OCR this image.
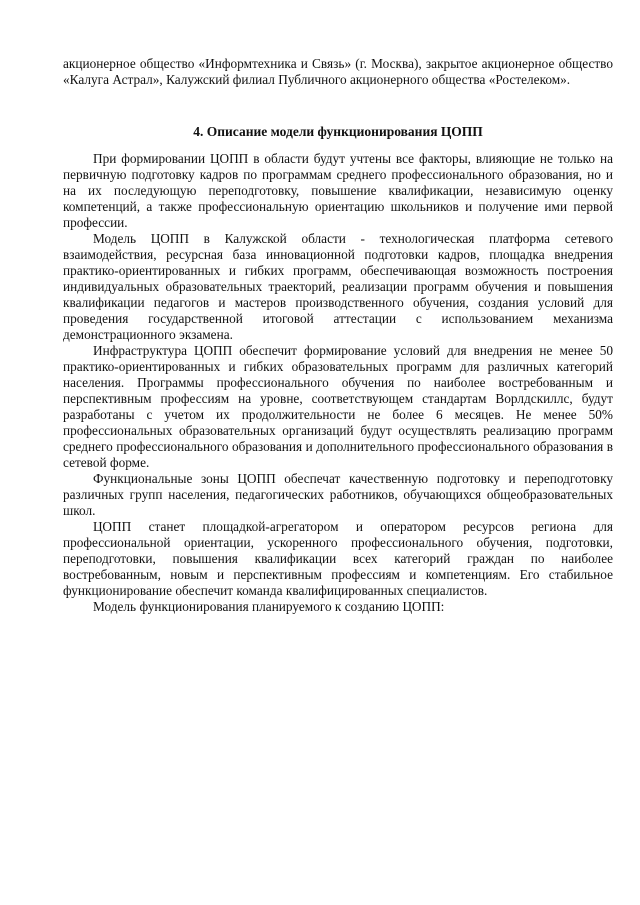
акционерное общество «Информтехника и Связь» (г. Москва), закрытое акционерное общество «Калуга Астрал», Калужский филиал Публичного акционерного общества «Ростелеком».

4. Описание модели функционирования ЦОПП

При формировании ЦОПП в области будут учтены все факторы, влияющие не только на первичную подготовку кадров по программам среднего профессионального образования, но и на их последующую переподготовку, повышение квалификации, независимую оценку компетенций, а также профессиональную ориентацию школьников и получение ими первой профессии.

Модель ЦОПП в Калужской области - технологическая платформа сетевого взаимодействия, ресурсная база инновационной подготовки кадров, площадка внедрения практико-ориентированных и гибких программ, обеспечивающая возможность построения индивидуальных образовательных траекторий, реализации программ обучения и повышения квалификации педагогов и мастеров производственного обучения, создания условий для проведения государственной итоговой аттестации с использованием механизма демонстрационного экзамена.

Инфраструктура ЦОПП обеспечит формирование условий для внедрения не менее 50 практико-ориентированных и гибких образовательных программ для различных категорий населения. Программы профессионального обучения по наиболее востребованным и перспективным профессиям на уровне, соответствующем стандартам Ворлдскиллс, будут разработаны с учетом их продолжительности не более 6 месяцев. Не менее 50% профессиональных образовательных организаций будут осуществлять реализацию программ среднего профессионального образования и дополнительного профессионального образования в сетевой форме.

Функциональные зоны ЦОПП обеспечат качественную подготовку и переподготовку различных групп населения, педагогических работников, обучающихся общеобразовательных школ.

ЦОПП станет площадкой-агрегатором и оператором ресурсов региона для профессиональной ориентации, ускоренного профессионального обучения, подготовки, переподготовки, повышения квалификации всех категорий граждан по наиболее востребованным, новым и перспективным профессиям и компетенциям. Его стабильное функционирование обеспечит команда квалифицированных специалистов.

Модель функционирования планируемого к созданию ЦОПП:
